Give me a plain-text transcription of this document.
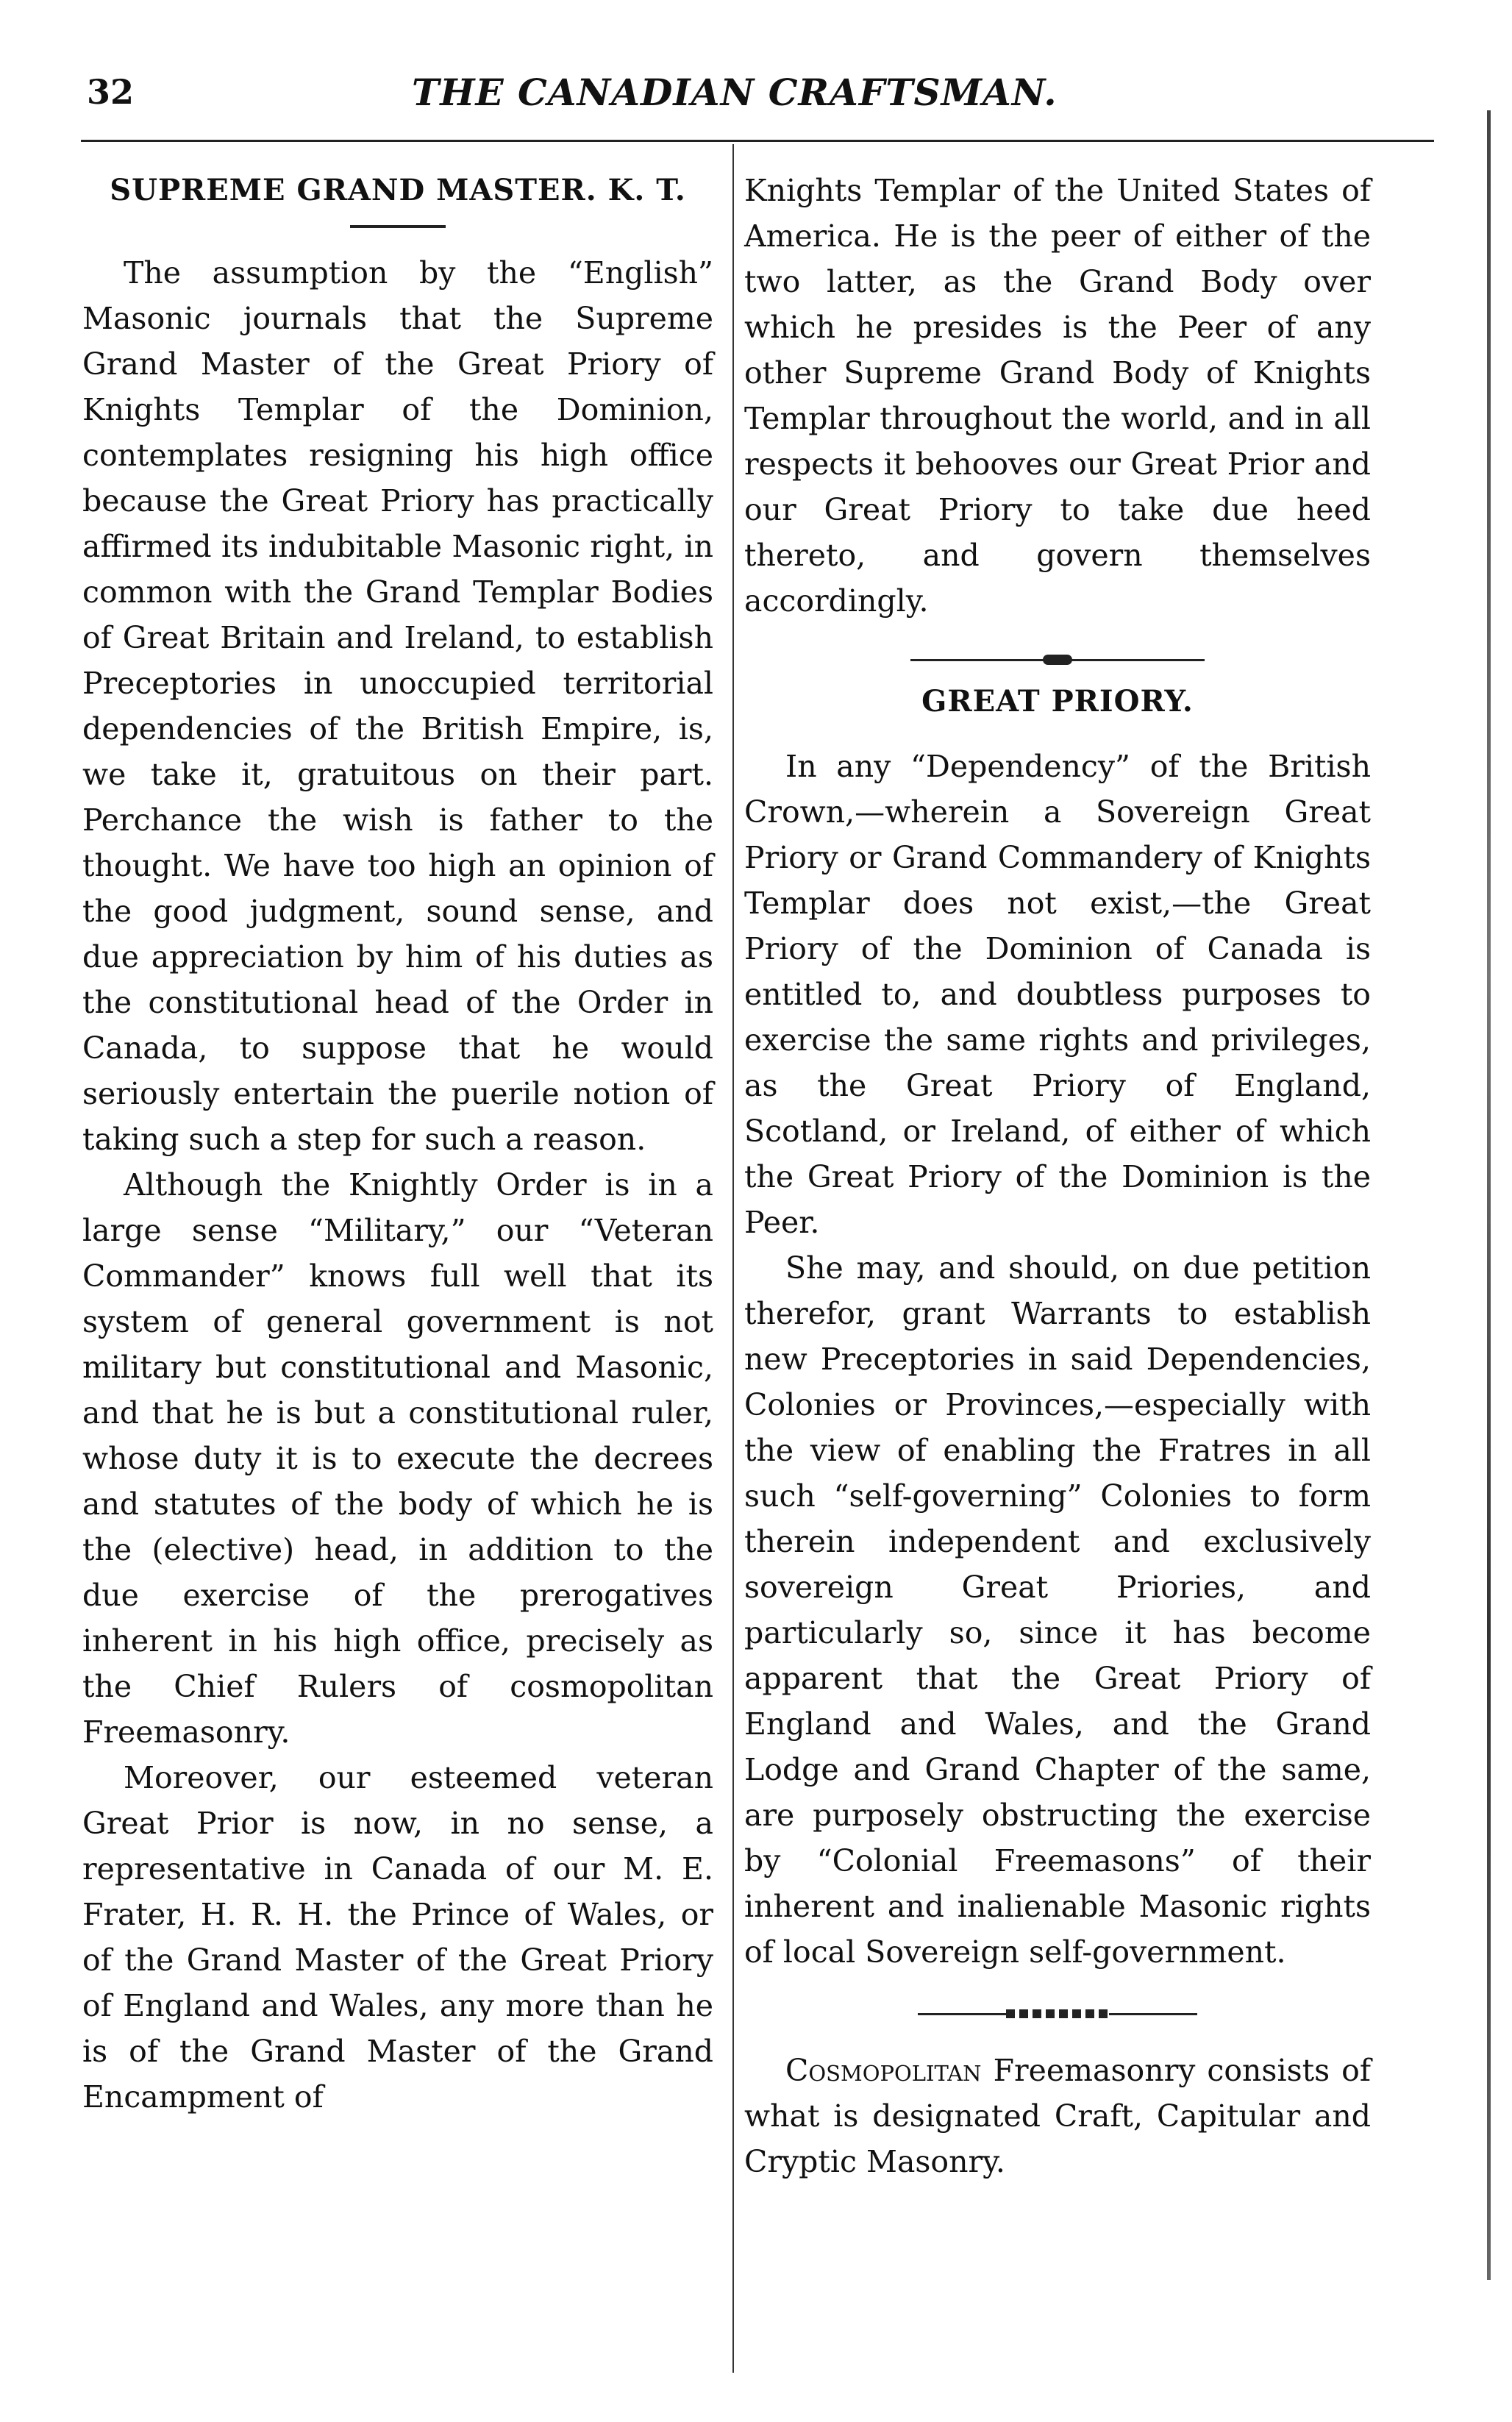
32	THE CANADIAN CRAFTSMAN.
SUPREME GRAND MASTER. K. T.

The assumption by the “English” Masonic journals that the Supreme Grand Master of the Great Priory of Knights Templar of the Dominion, contemplates resigning his high office because the Great Priory has practically affirmed its indubitable Masonic right, in common with the Grand Templar Bodies of Great Britain and Ireland, to establish Preceptories in unoccupied territorial dependencies of the British Empire, is, we take it, gratuitous on their part. Perchance the wish is father to the thought. We have too high an opinion of the good judgment, sound sense, and due appreciation by him of his duties as the constitutional head of the Order in Canada, to suppose that he would seriously entertain the puerile notion of taking such a step for such a reason.

Although the Knightly Order is in a large sense “Military,” our “Veteran Commander” knows full well that its system of general government is not military but constitutional and Masonic, and that he is but a constitutional ruler, whose duty it is to execute the decrees and statutes of the body of which he is the (elective) head, in addition to the due exercise of the prerogatives inherent in his high office, precisely as the Chief Rulers of cosmopolitan Freemasonry.

Moreover, our esteemed veteran Great Prior is now, in no sense, a representative in Canada of our M. E. Frater, H. R. H. the Prince of Wales, or of the Grand Master of the Great Priory of England and Wales, any more than he is of the Grand Master of the Grand Encampment of

Knights Templar of the United States of America. He is the peer of either of the two latter, as the Grand Body over which he presides is the Peer of any other Supreme Grand Body of Knights Templar throughout the world, and in all respects it behooves our Great Prior and our Great Priory to take due heed thereto, and govern themselves accordingly.

GREAT PRIORY.

In any “Dependency” of the British Crown,—wherein a Sovereign Great Priory or Grand Commandery of Knights Templar does not exist,—the Great Priory of the Dominion of Canada is entitled to, and doubtless purposes to exercise the same rights and privileges, as the Great Priory of England, Scotland, or Ireland, of either of which the Great Priory of the Dominion is the Peer.

She may, and should, on due petition therefor, grant Warrants to establish new Preceptories in said Dependencies, Colonies or Provinces,—especially with the view of enabling the Fratres in all such “self-governing” Colonies to form therein independent and exclusively sovereign Great Priories, and particularly so, since it has become apparent that the Great Priory of England and Wales, and the Grand Lodge and Grand Chapter of the same, are purposely obstructing the exercise by “Colonial Freemasons” of their inherent and inalienable Masonic rights of local Sovereign self-government.

Cosmopolitan Freemasonry consists of what is designated Craft, Capitular and Cryptic Masonry.
